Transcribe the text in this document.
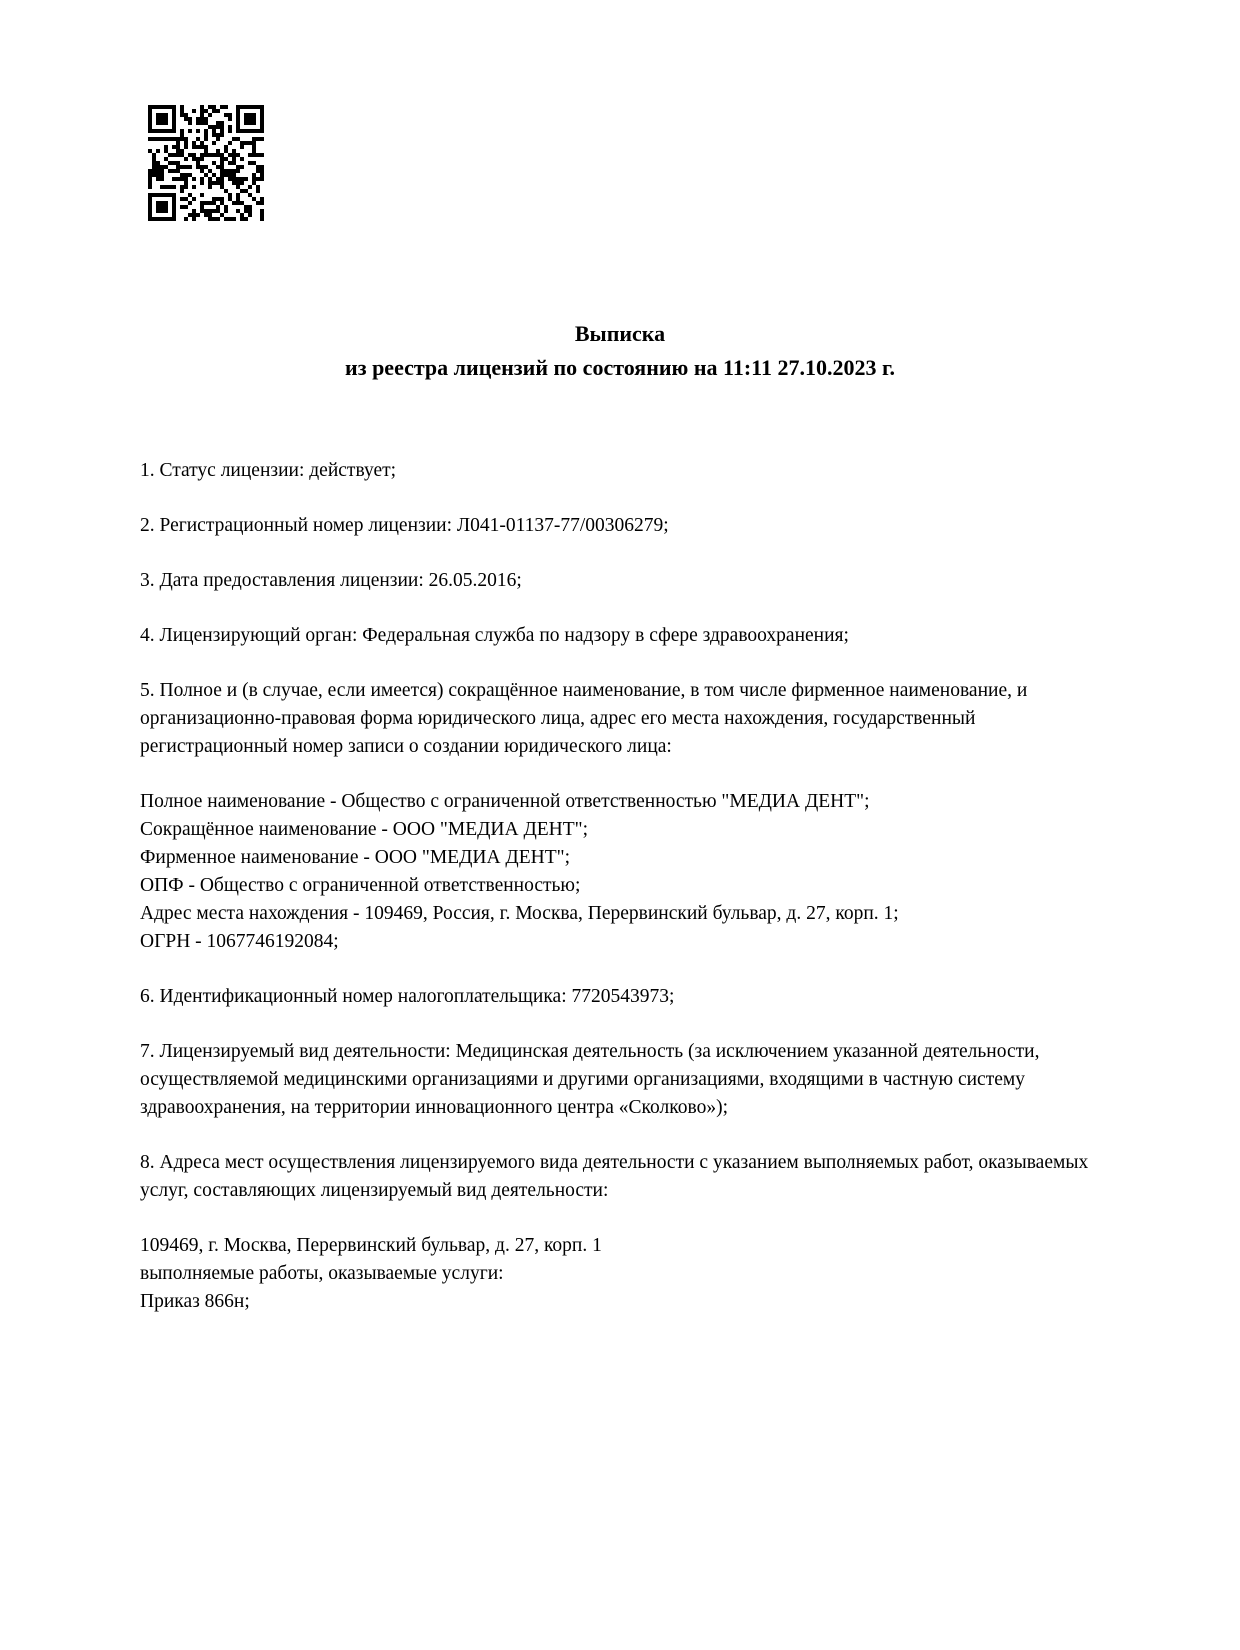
Выписка
из реестра лицензий по состоянию на 11:11 27.10.2023 г.

1. Статус лицензии: действует;

2. Регистрационный номер лицензии: Л041-01137-77/00306279;

3. Дата предоставления лицензии: 26.05.2016;

4. Лицензирующий орган: Федеральная служба по надзору в сфере здравоохранения;

5. Полное и (в случае, если имеется) сокращённое наименование, в том числе фирменное наименование, и организационно-правовая форма юридического лица, адрес его места нахождения, государственный регистрационный номер записи о создании юридического лица:

Полное наименование - Общество с ограниченной ответственностью "МЕДИА ДЕНТ";
Сокращённое наименование - ООО "МЕДИА ДЕНТ";
Фирменное наименование - ООО "МЕДИА ДЕНТ";
ОПФ - Общество с ограниченной ответственностью;
Адрес места нахождения - 109469, Россия, г. Москва, Перервинский бульвар, д. 27, корп. 1;
ОГРН - 1067746192084;

6. Идентификационный номер налогоплательщика: 7720543973;

7. Лицензируемый вид деятельности: Медицинская деятельность (за исключением указанной деятельности, осуществляемой медицинскими организациями и другими организациями, входящими в частную систему здравоохранения, на территории инновационного центра «Сколково»);

8. Адреса мест осуществления лицензируемого вида деятельности с указанием выполняемых работ, оказываемых услуг, составляющих лицензируемый вид деятельности:

109469, г. Москва, Перервинский бульвар, д. 27, корп. 1
выполняемые работы, оказываемые услуги:
Приказ 866н;
